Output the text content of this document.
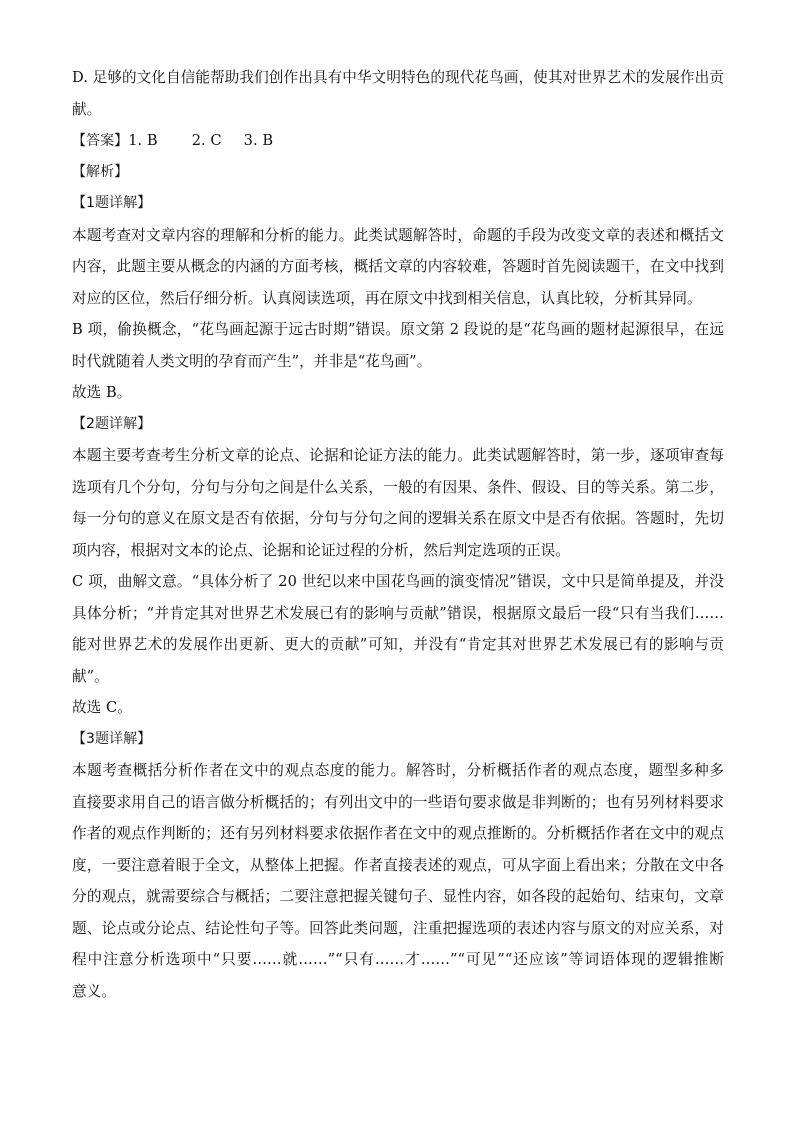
D. 足够的文化自信能帮助我们创作出具有中华文明特色的现代花鸟画，使其对世界艺术的发展作出贡
献。
【答案】1. B 2. C 3. B
【解析】
【1题详解】
本题考查对文章内容的理解和分析的能力。此类试题解答时，命题的手段为改变文章的表述和概括文
内容，此题主要从概念的内涵的方面考核，概括文章的内容较难，答题时首先阅读题干，在文中找到
对应的区位，然后仔细分析。认真阅读选项，再在原文中找到相关信息，认真比较，分析其异同。
B 项，偷换概念，“花鸟画起源于远古时期”错误。原文第 2 段说的是“花鸟画的题材起源很早，在远
时代就随着人类文明的孕育而产生”，并非是“花鸟画”。
故选 B。
【2题详解】
本题主要考查考生分析文章的论点、论据和论证方法的能力。此类试题解答时，第一步，逐项审查每
选项有几个分句，分句与分句之间是什么关系，一般的有因果、条件、假设、目的等关系。第二步，
每一分句的意义在原文是否有依据，分句与分句之间的逻辑关系在原文中是否有依据。答题时，先切
项内容，根据对文本的论点、论据和论证过程的分析，然后判定选项的正误。
C 项，曲解文意。“具体分析了 20 世纪以来中国花鸟画的演变情况”错误，文中只是简单提及，并没
具体分析；“并肯定其对世界艺术发展已有的影响与贡献”错误，根据原文最后一段“只有当我们……
能对世界艺术的发展作出更新、更大的贡献”可知，并没有“肯定其对世界艺术发展已有的影响与贡
献”。
故选 C。
【3题详解】
本题考查概括分析作者在文中的观点态度的能力。解答时，分析概括作者的观点态度，题型多种多
直接要求用自己的语言做分析概括的；有列出文中的一些语句要求做是非判断的；也有另列材料要求
作者的观点作判断的；还有另列材料要求依据作者在文中的观点推断的。分析概括作者在文中的观点
度，一要注意着眼于全文，从整体上把握。作者直接表述的观点，可从字面上看出来；分散在文中各
分的观点，就需要综合与概括；二要注意把握关键句子、显性内容，如各段的起始句、结束句，文章
题、论点或分论点、结论性句子等。回答此类问题，注重把握选项的表述内容与原文的对应关系，对
程中注意分析选项中“只要……就……”“只有……才……”“可见”“还应该”等词语体现的逻辑推断
意义。
